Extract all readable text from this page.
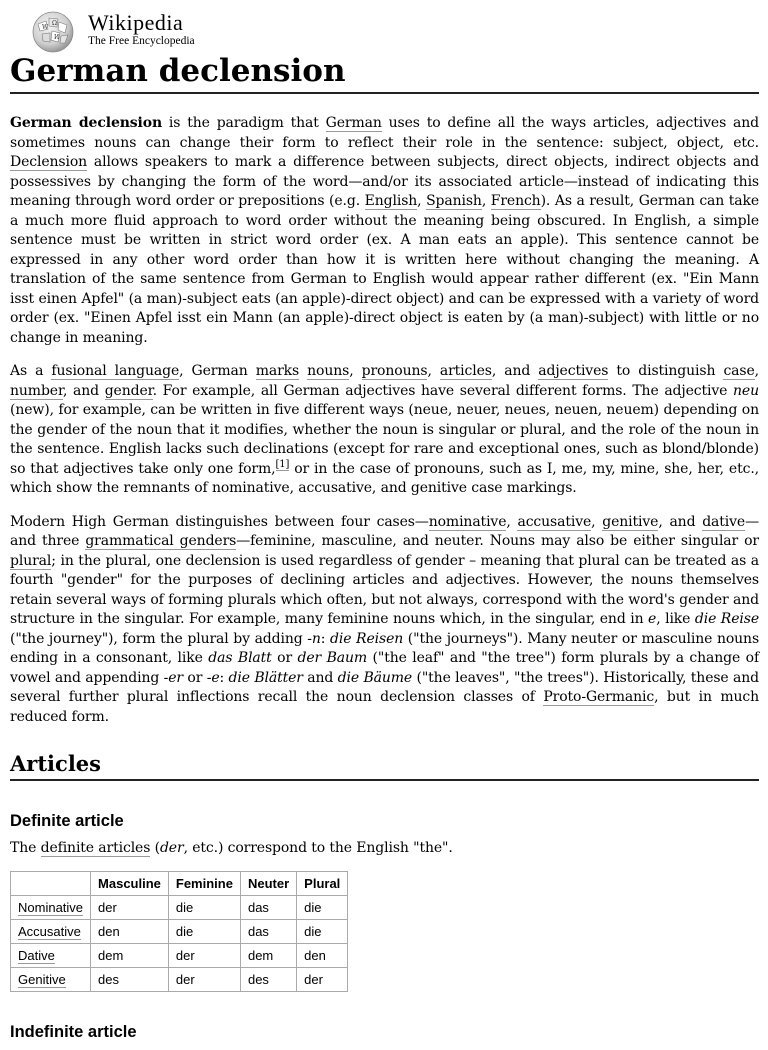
W
Ω
И
Wikipedia
The Free Encyclopedia
German declension

German declension is the paradigm that German uses to define all the ways articles, adjectives and sometimes nouns can change their form to reflect their role in the sentence: subject, object, etc. Declension allows speakers to mark a difference between subjects, direct objects, indirect objects and possessives by changing the form of the word—and/or its associated article—instead of indicating this meaning through word order or prepositions (e.g. English, Spanish, French). As a result, German can take a much more fluid approach to word order without the meaning being obscured. In English, a simple sentence must be written in strict word order (ex. A man eats an apple). This sentence cannot be expressed in any other word order than how it is written here without changing the meaning. A translation of the same sentence from German to English would appear rather different (ex. "Ein Mann isst einen Apfel" (a man)-subject eats (an apple)-direct object) and can be expressed with a variety of word order (ex. "Einen Apfel isst ein Mann (an apple)-direct object is eaten by (a man)-subject) with little or no change in meaning.

As a fusional language, German marks nouns, pronouns, articles, and adjectives to distinguish case, number, and gender. For example, all German adjectives have several different forms. The adjective neu (new), for example, can be written in five different ways (neue, neuer, neues, neuen, neuem) depending on the gender of the noun that it modifies, whether the noun is singular or plural, and the role of the noun in the sentence. English lacks such declinations (except for rare and exceptional ones, such as blond/blonde) so that adjectives take only one form,[1] or in the case of pronouns, such as I, me, my, mine, she, her, etc., which show the remnants of nominative, accusative, and genitive case markings.

Modern High German distinguishes between four cases—nominative, accusative, genitive, and dative—and three grammatical genders—feminine, masculine, and neuter. Nouns may also be either singular or plural; in the plural, one declension is used regardless of gender – meaning that plural can be treated as a fourth "gender" for the purposes of declining articles and adjectives. However, the nouns themselves retain several ways of forming plurals which often, but not always, correspond with the word's gender and structure in the singular. For example, many feminine nouns which, in the singular, end in e, like die Reise ("the journey"), form the plural by adding -n: die Reisen ("the journeys"). Many neuter or masculine nouns ending in a consonant, like das Blatt or der Baum ("the leaf" and "the tree") form plurals by a change of vowel and appending -er or -e: die Blätter and die Bäume ("the leaves", "the trees"). Historically, these and several further plural inflections recall the noun declension classes of Proto-Germanic, but in much reduced form.

Articles
Definite article

The definite articles (der, etc.) correspond to the English "the".

	Masculine	Feminine	Neuter	Plural
Nominative	der	die	das	die
Accusative	den	die	das	die
Dative	dem	der	dem	den
Genitive	des	der	des	der
Indefinite article
